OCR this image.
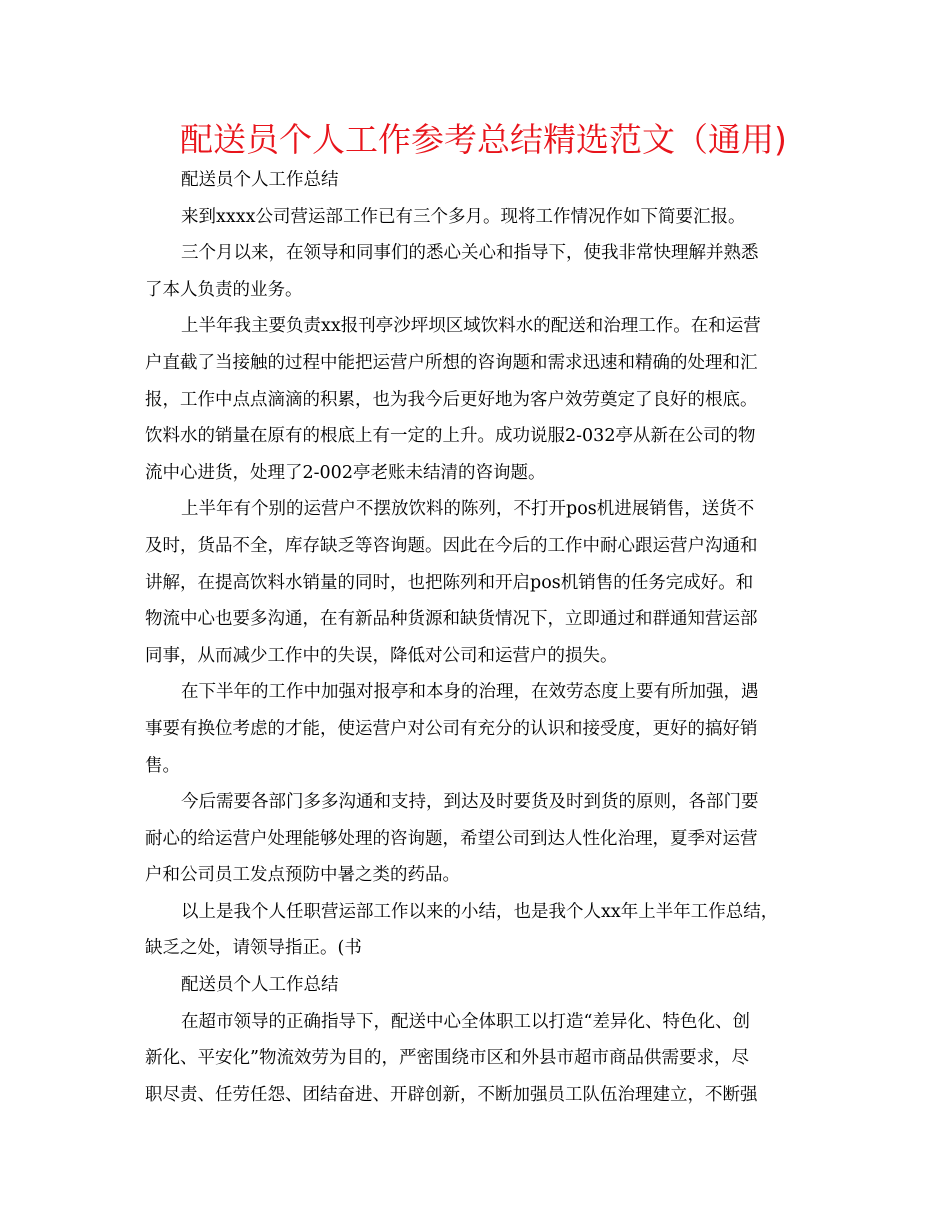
配送员个人工作参考总结精选范文（通用)
配送员个人工作总结
来到xxxx公司营运部工作已有三个多月。现将工作情况作如下简要汇报。
三个月以来，在领导和同事们的悉心关心和指导下，使我非常快理解并熟悉
了本人负责的业务。
上半年我主要负责xx报刊亭沙坪坝区域饮料水的配送和治理工作。在和运营
户直截了当接触的过程中能把运营户所想的咨询题和需求迅速和精确的处理和汇
报，工作中点点滴滴的积累，也为我今后更好地为客户效劳奠定了良好的根底。
饮料水的销量在原有的根底上有一定的上升。成功说服2-032亭从新在公司的物
流中心进货，处理了2-002亭老账未结清的咨询题。
上半年有个别的运营户不摆放饮料的陈列，不打开pos机进展销售，送货不
及时，货品不全，库存缺乏等咨询题。因此在今后的工作中耐心跟运营户沟通和
讲解，在提高饮料水销量的同时，也把陈列和开启pos机销售的任务完成好。和
物流中心也要多沟通，在有新品种货源和缺货情况下，立即通过和群通知营运部
同事，从而减少工作中的失误，降低对公司和运营户的损失。
在下半年的工作中加强对报亭和本身的治理，在效劳态度上要有所加强，遇
事要有换位考虑的才能，使运营户对公司有充分的认识和接受度，更好的搞好销
售。
今后需要各部门多多沟通和支持，到达及时要货及时到货的原则，各部门要
耐心的给运营户处理能够处理的咨询题，希望公司到达人性化治理，夏季对运营
户和公司员工发点预防中暑之类的药品。
以上是我个人任职营运部工作以来的小结，也是我个人xx年上半年工作总结，
缺乏之处，请领导指正。(书
配送员个人工作总结
在超市领导的正确指导下，配送中心全体职工以打造“差异化、特色化、创
新化、平安化”物流效劳为目的，严密围绕市区和外县市超市商品供需要求，尽
职尽责、任劳任怨、团结奋进、开辟创新，不断加强员工队伍治理建立，不断强
